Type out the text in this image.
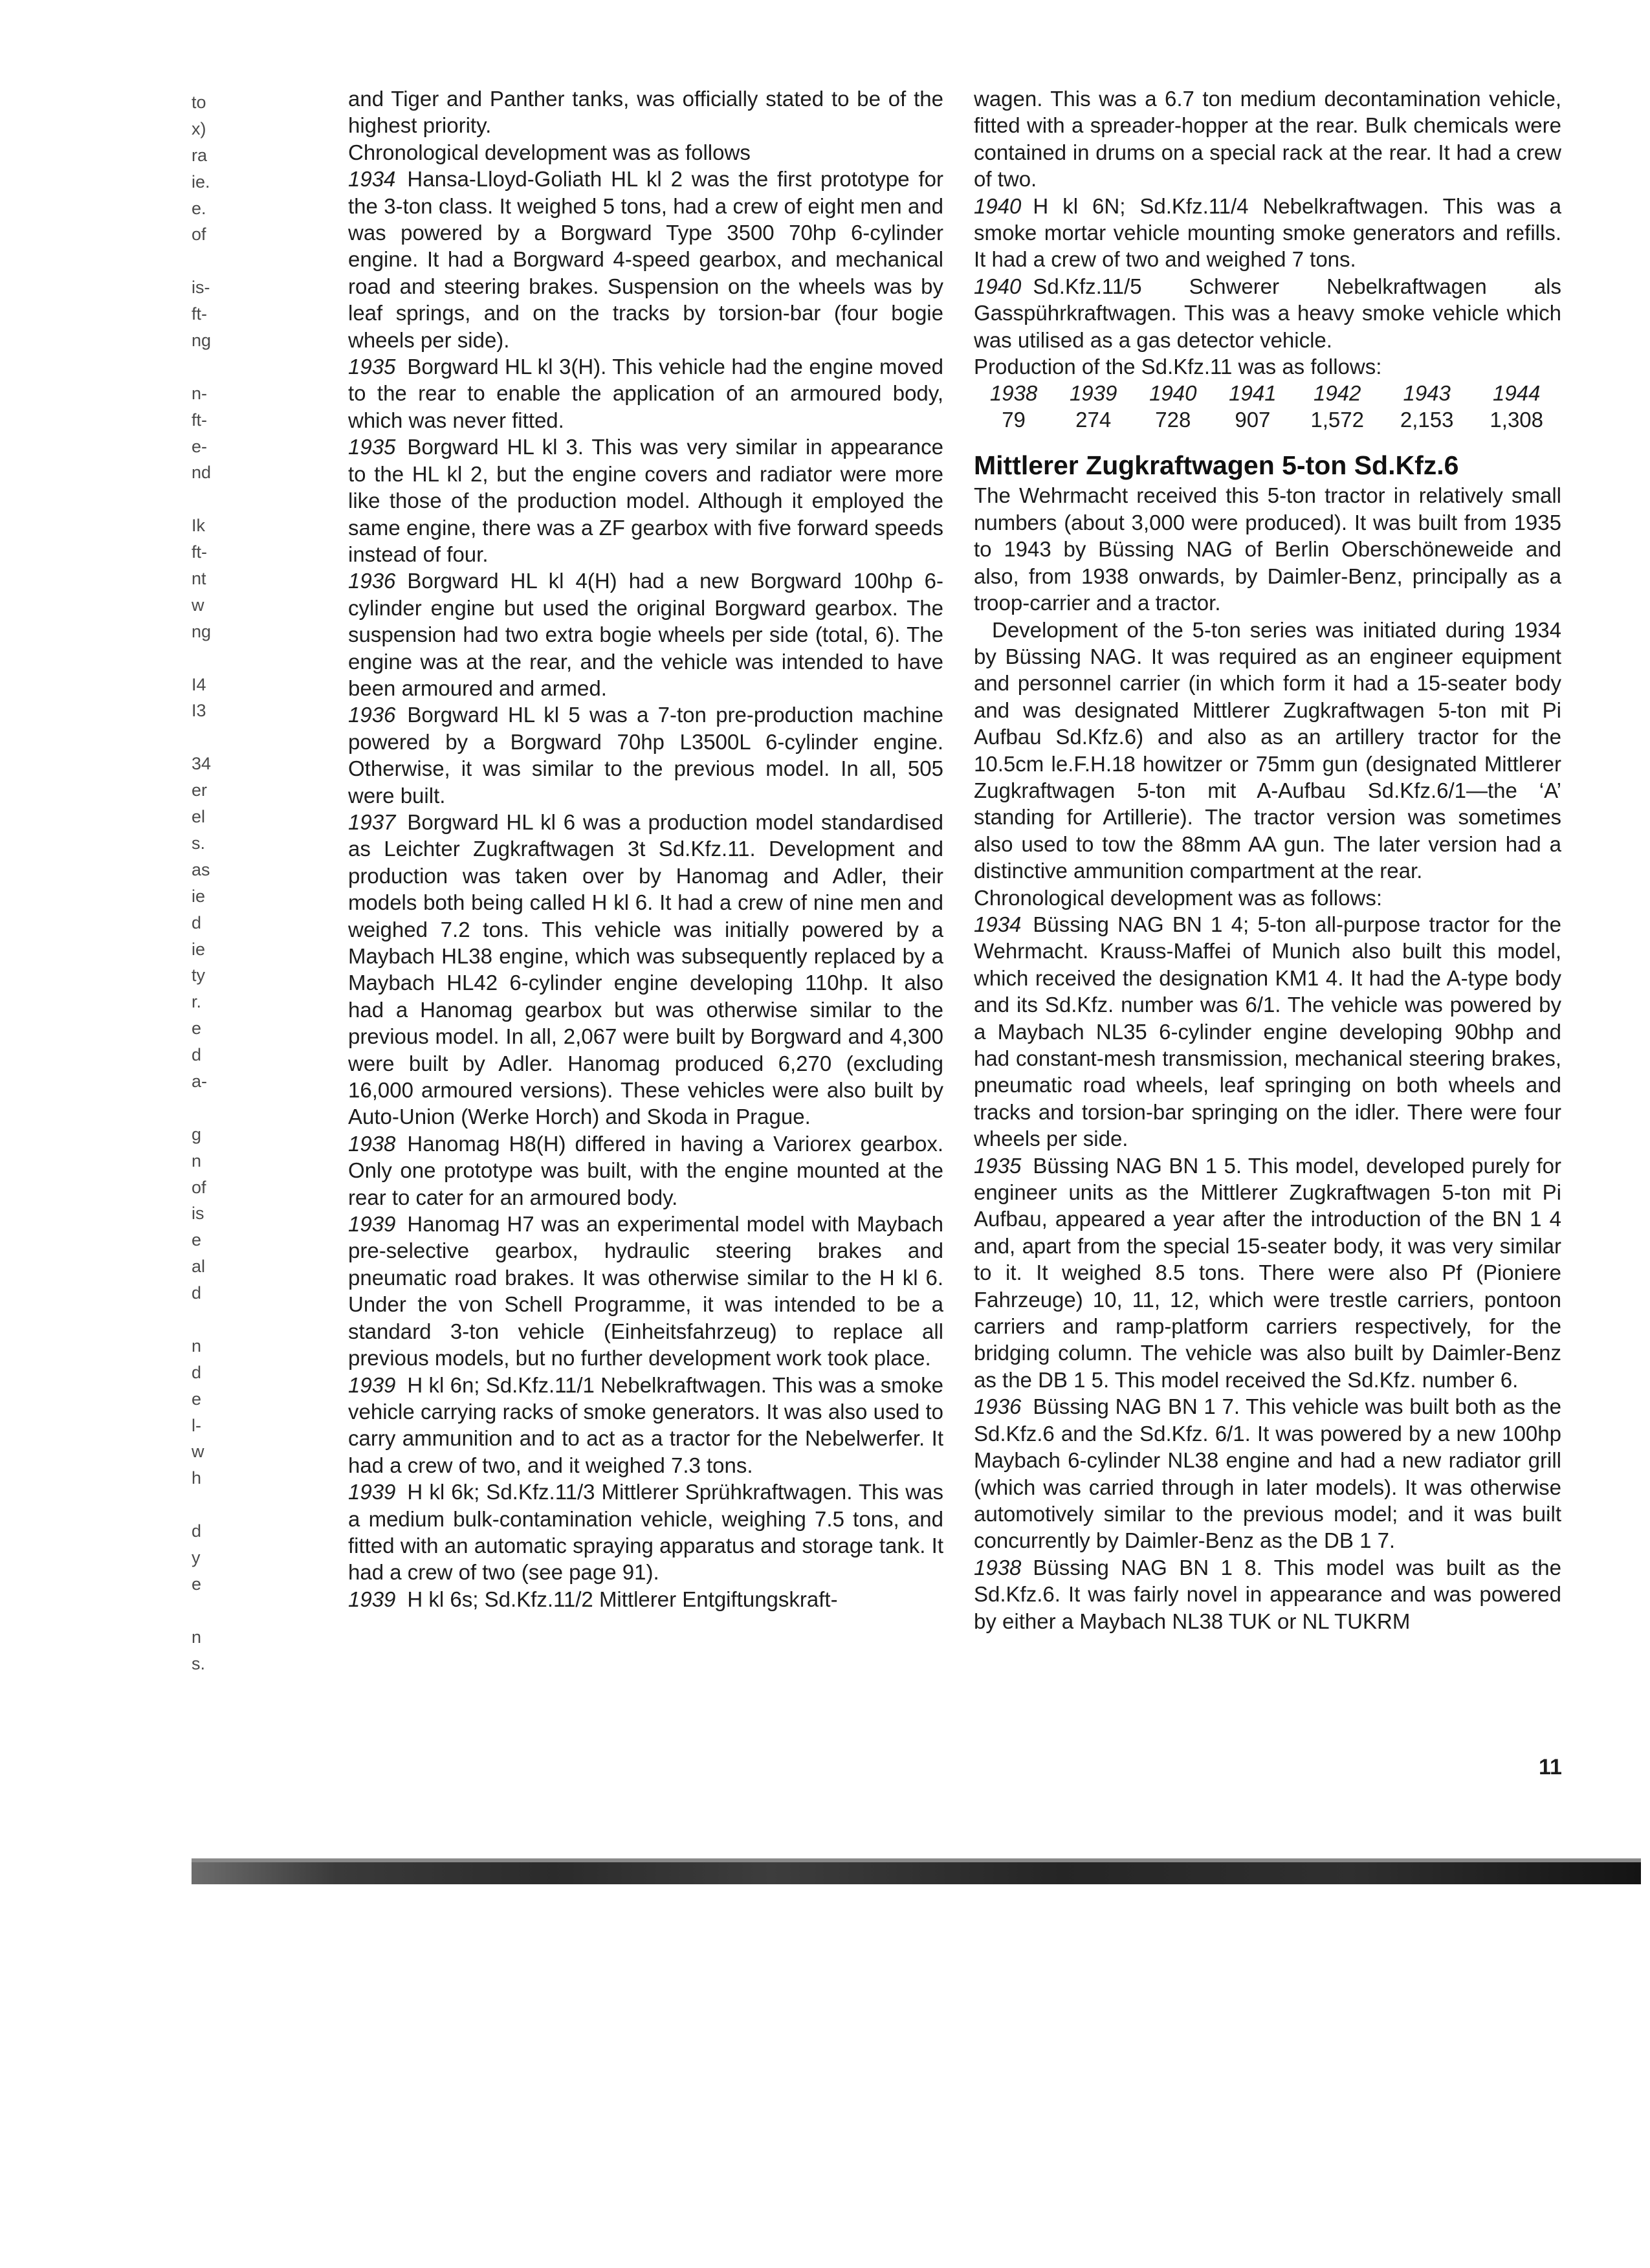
to
x)
ra
ie.
e.
of
is-
ft-
ng
n-
ft-
e-
nd
Ik
ft-
nt
w
ng
I4
I3
34
er
el
s.
as
ie
d
ie
ty
r.
e
d
a-
g
n
of
is
e
al
d
n
d
e
l-
w
h
d
y
e
n
s.

and Tiger and Panther tanks, was officially stated to be of the highest priority.

Chronological development was as follows

1934 Hansa-Lloyd-Goliath HL kl 2 was the first prototype for the 3-ton class. It weighed 5 tons, had a crew of eight men and was powered by a Borgward Type 3500 70hp 6-cylinder engine. It had a Borgward 4-speed gearbox, and mechanical road and steering brakes. Suspension on the wheels was by leaf springs, and on the tracks by torsion-bar (four bogie wheels per side).

1935 Borgward HL kl 3(H). This vehicle had the engine moved to the rear to enable the application of an armoured body, which was never fitted.

1935 Borgward HL kl 3. This was very similar in appearance to the HL kl 2, but the engine covers and radiator were more like those of the production model. Although it employed the same engine, there was a ZF gearbox with five forward speeds instead of four.

1936 Borgward HL kl 4(H) had a new Borgward 100hp 6-cylinder engine but used the original Borgward gearbox. The suspension had two extra bogie wheels per side (total, 6). The engine was at the rear, and the vehicle was intended to have been armoured and armed.

1936 Borgward HL kl 5 was a 7-ton pre-production machine powered by a Borgward 70hp L3500L 6-cylinder engine. Otherwise, it was similar to the previous model. In all, 505 were built.

1937 Borgward HL kl 6 was a production model standardised as Leichter Zugkraftwagen 3t Sd.Kfz.11. Development and production was taken over by Hanomag and Adler, their models both being called H kl 6. It had a crew of nine men and weighed 7.2 tons. This vehicle was initially powered by a Maybach HL38 engine, which was subsequently replaced by a Maybach HL42 6-cylinder engine developing 110hp. It also had a Hanomag gearbox but was otherwise similar to the previous model. In all, 2,067 were built by Borgward and 4,300 were built by Adler. Hanomag produced 6,270 (excluding 16,000 armoured versions). These vehicles were also built by Auto-Union (Werke Horch) and Skoda in Prague.

1938 Hanomag H8(H) differed in having a Variorex gearbox. Only one prototype was built, with the engine mounted at the rear to cater for an armoured body.

1939 Hanomag H7 was an experimental model with Maybach pre-selective gearbox, hydraulic steering brakes and pneumatic road brakes. It was otherwise similar to the H kl 6. Under the von Schell Programme, it was intended to be a standard 3-ton vehicle (Einheitsfahrzeug) to replace all previous models, but no further development work took place.

1939 H kl 6n; Sd.Kfz.11/1 Nebelkraftwagen. This was a smoke vehicle carrying racks of smoke generators. It was also used to carry ammunition and to act as a tractor for the Nebelwerfer. It had a crew of two, and it weighed 7.3 tons.

1939 H kl 6k; Sd.Kfz.11/3 Mittlerer Sprühkraftwagen. This was a medium bulk-contamination vehicle, weighing 7.5 tons, and fitted with an automatic spraying apparatus and storage tank. It had a crew of two (see page 91).

1939 H kl 6s; Sd.Kfz.11/2 Mittlerer Entgiftungskraft-

wagen. This was a 6.7 ton medium decontamination vehicle, fitted with a spreader-hopper at the rear. Bulk chemicals were contained in drums on a special rack at the rear. It had a crew of two.

1940 H kl 6N; Sd.Kfz.11/4 Nebelkraftwagen. This was a smoke mortar vehicle mounting smoke generators and refills. It had a crew of two and weighed 7 tons.

1940 Sd.Kfz.11/5 Schwerer Nebelkraftwagen als Gasspührkraftwagen. This was a heavy smoke vehicle which was utilised as a gas detector vehicle.

Production of the Sd.Kfz.11 was as follows:

1938	1939	1940	1941	1942	1943	1944
79	274	728	907	1,572	2,153	1,308
Mittlerer Zugkraftwagen 5-ton Sd.Kfz.6

The Wehrmacht received this 5-ton tractor in relatively small numbers (about 3,000 were produced). It was built from 1935 to 1943 by Büssing NAG of Berlin Oberschöneweide and also, from 1938 onwards, by Daimler-Benz, principally as a troop-carrier and a tractor.

Development of the 5-ton series was initiated during 1934 by Büssing NAG. It was required as an engineer equipment and personnel carrier (in which form it had a 15-seater body and was designated Mittlerer Zugkraftwagen 5-ton mit Pi Aufbau Sd.Kfz.6) and also as an artillery tractor for the 10.5cm le.F.H.18 howitzer or 75mm gun (designated Mittlerer Zugkraftwagen 5-ton mit A-Aufbau Sd.Kfz.6/1—the ‘A’ standing for Artillerie). The tractor version was sometimes also used to tow the 88mm AA gun. The later version had a distinctive ammunition compartment at the rear.

Chronological development was as follows:

1934 Büssing NAG BN 1 4; 5-ton all-purpose tractor for the Wehrmacht. Krauss-Maffei of Munich also built this model, which received the designation KM1 4. It had the A-type body and its Sd.Kfz. number was 6/1. The vehicle was powered by a Maybach NL35 6-cylinder engine developing 90bhp and had constant-mesh transmission, mechanical steering brakes, pneumatic road wheels, leaf springing on both wheels and tracks and torsion-bar springing on the idler. There were four wheels per side.

1935 Büssing NAG BN 1 5. This model, developed purely for engineer units as the Mittlerer Zugkraftwagen 5-ton mit Pi Aufbau, appeared a year after the introduction of the BN 1 4 and, apart from the special 15-seater body, it was very similar to it. It weighed 8.5 tons. There were also Pf (Pioniere Fahrzeuge) 10, 11, 12, which were trestle carriers, pontoon carriers and ramp-platform carriers respectively, for the bridging column. The vehicle was also built by Daimler-Benz as the DB 1 5. This model received the Sd.Kfz. number 6.

1936 Büssing NAG BN 1 7. This vehicle was built both as the Sd.Kfz.6 and the Sd.Kfz. 6/1. It was powered by a new 100hp Maybach 6-cylinder NL38 engine and had a new radiator grill (which was carried through in later models). It was otherwise automotively similar to the previous model; and it was built concurrently by Daimler-Benz as the DB 1 7.

1938 Büssing NAG BN 1 8. This model was built as the Sd.Kfz.6. It was fairly novel in appearance and was powered by either a Maybach NL38 TUK or NL TUKRM

11
